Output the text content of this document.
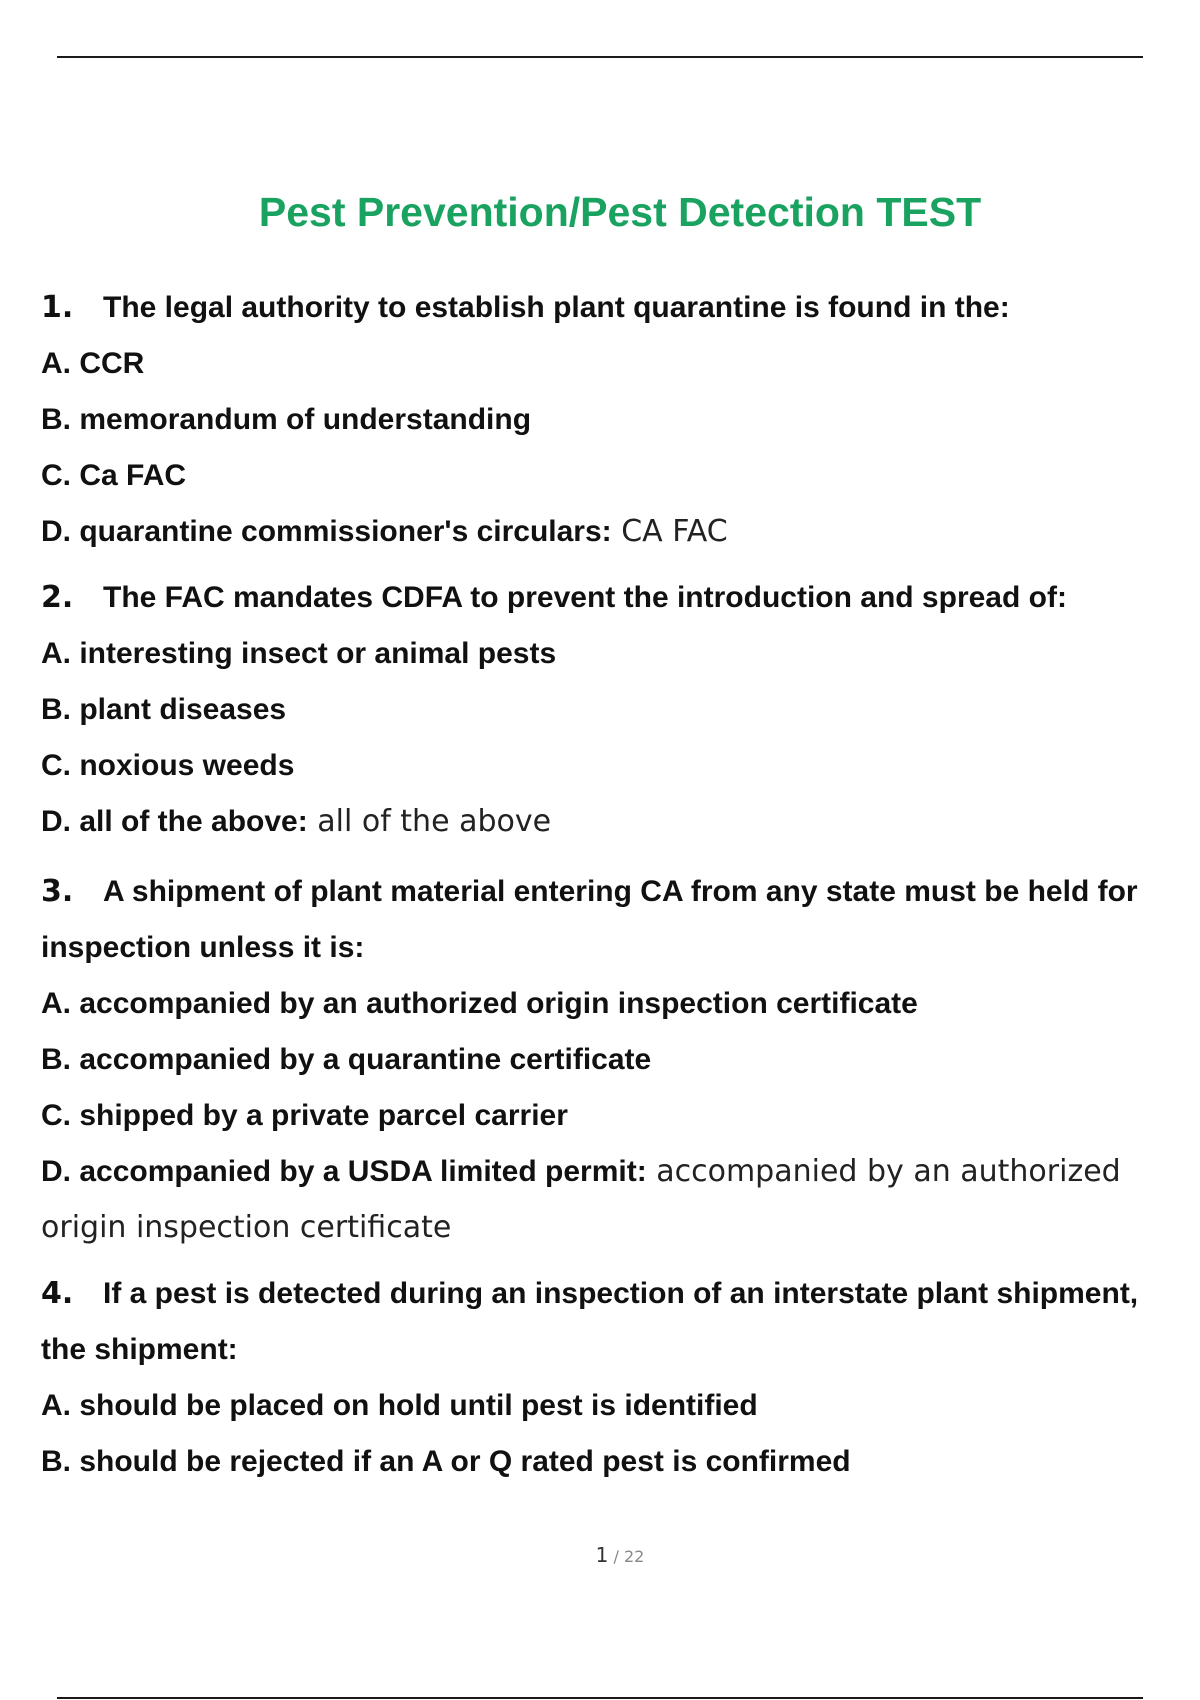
Pest Prevention/Pest Detection TEST

1. The legal authority to establish plant quarantine is found in the:

A. CCR

B. memorandum of understanding

C. Ca FAC

D. quarantine commissioner's circulars: CA FAC

2. The FAC mandates CDFA to prevent the introduction and spread of:

A. interesting insect or animal pests

B. plant diseases

C. noxious weeds

D. all of the above: all of the above

3. A shipment of plant material entering CA from any state must be held for inspection unless it is:

A. accompanied by an authorized origin inspection certificate

B. accompanied by a quarantine certificate

C. shipped by a private parcel carrier

D. accompanied by a USDA limited permit: accompanied by an authorized origin inspection certificate

4. If a pest is detected during an inspection of an interstate plant shipment, the shipment:

A. should be placed on hold until pest is identified

B. should be rejected if an A or Q rated pest is confirmed

1 / 22
